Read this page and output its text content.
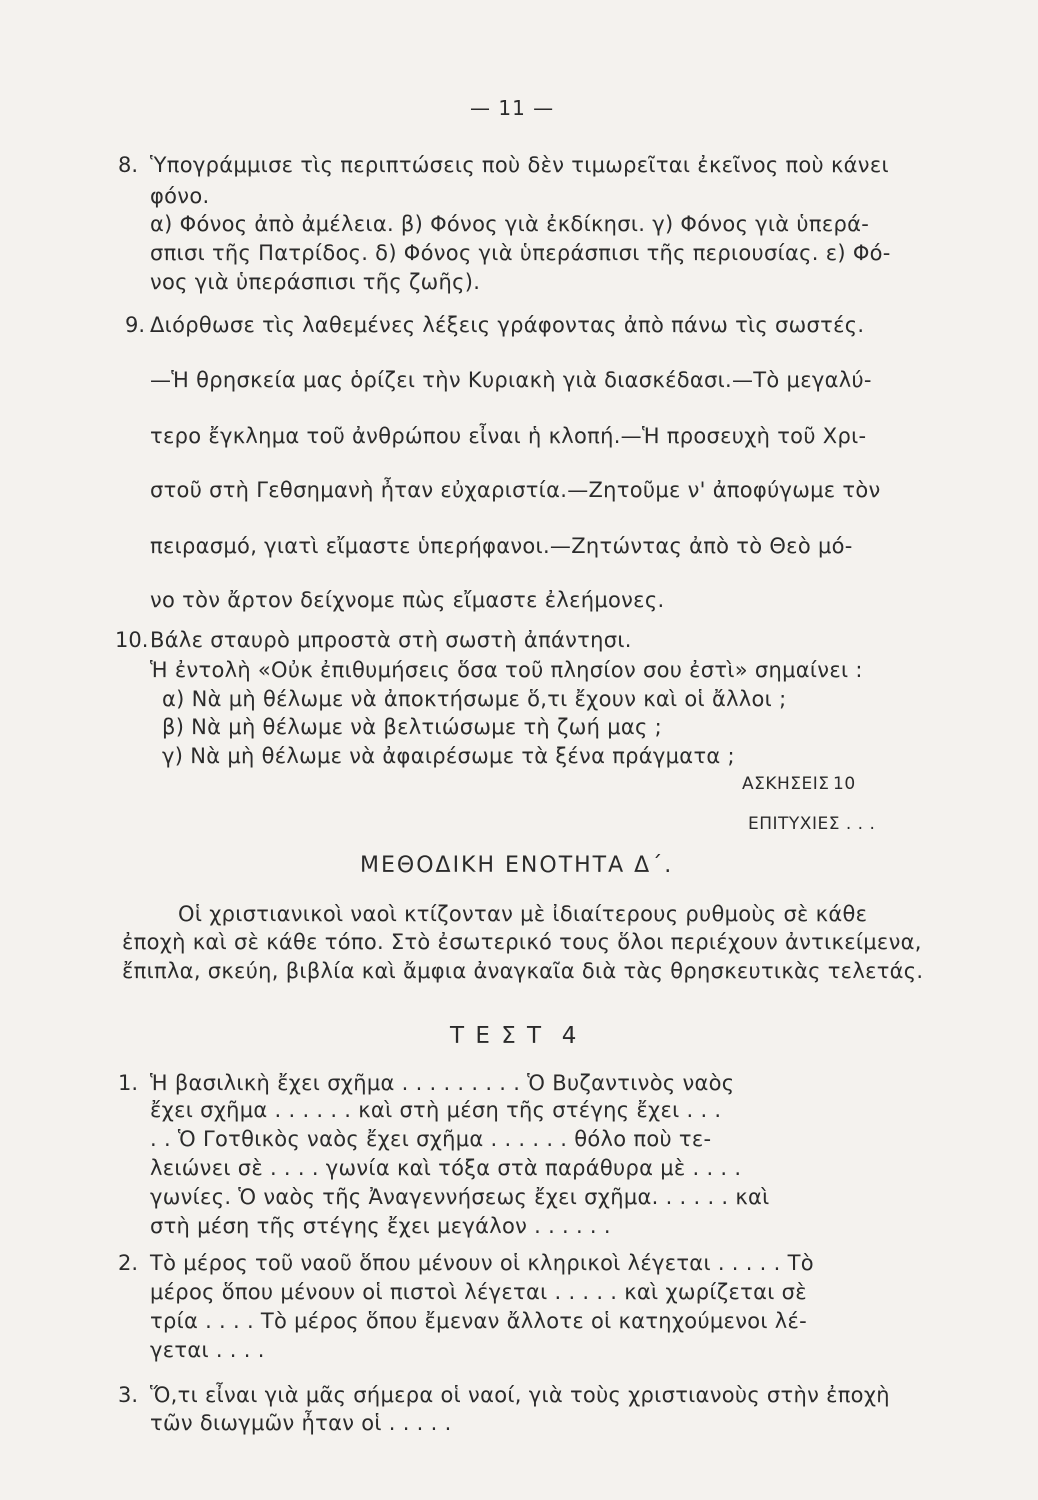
— 11 —
8. Ὑπογράμμισε τὶς περιπτώσεις ποὺ δὲν τιμωρεῖται ἐκεῖνος ποὺ κάνει
φόνο.
α) Φόνος ἀπὸ ἀμέλεια. β) Φόνος γιὰ ἐκδίκησι. γ) Φόνος γιὰ ὑπερά-
σπισι τῆς Πατρίδος. δ) Φόνος γιὰ ὑπεράσπισι τῆς περιουσίας. ε) Φό-
νος γιὰ ὑπεράσπισι τῆς ζωῆς).
9. Διόρθωσε τὶς λαθεμένες λέξεις γράφοντας ἀπὸ πάνω τὶς σωστές.
—Ἡ θρησκεία μας ὁρίζει τὴν Κυριακὴ γιὰ διασκέδασι.—Τὸ μεγαλύ-
τερο ἔγκλημα τοῦ ἀνθρώπου εἶναι ἡ κλοπή.—Ἡ προσευχὴ τοῦ Χρι-
στοῦ στὴ Γεθσημανὴ ἦταν εὐχαριστία.—Ζητοῦμε ν' ἀποφύγωμε τὸν
πειρασμό, γιατὶ εἴμαστε ὑπερήφανοι.—Ζητώντας ἀπὸ τὸ Θεὸ μό-
νο τὸν ἄρτον δείχνομε πὼς εἴμαστε ἐλεήμονες.
10. Βάλε σταυρὸ μπροστὰ στὴ σωστὴ ἀπάντησι.
Ἡ ἐντολὴ «Οὐκ ἐπιθυμήσεις ὅσα τοῦ πλησίον σου ἐστὶ» σημαίνει :
α) Νὰ μὴ θέλωμε νὰ ἀποκτήσωμε ὅ,τι ἔχουν καὶ οἱ ἄλλοι ;
β) Νὰ μὴ θέλωμε νὰ βελτιώσωμε τὴ ζωή μας ;
γ) Νὰ μὴ θέλωμε νὰ ἀφαιρέσωμε τὰ ξένα πράγματα ;
ΑΣΚΗΣΕΙΣ 10
ΕΠΙΤΥΧΙΕΣ . . .
ΜΕΘΟΔΙΚΗ ΕΝΟΤΗΤΑ Δ΄.
Οἱ χριστιανικοὶ ναοὶ κτίζονταν μὲ ἰδιαίτερους ρυθμοὺς σὲ κάθε
ἐποχὴ καὶ σὲ κάθε τόπο. Στὸ ἐσωτερικό τους ὅλοι περιέχουν ἀντικείμενα,
ἔπιπλα, σκεύη, βιβλία καὶ ἄμφια ἀναγκαῖα διὰ τὰς θρησκευτικὰς τελετάς.
Τ Ε Σ Τ  4
1. Ἡ βασιλικὴ ἔχει σχῆμα . . . . . . . . . Ὁ Βυζαντινὸς ναὸς
ἔχει σχῆμα . . . . . . καὶ στὴ μέση τῆς στέγης ἔχει . . .
. . Ὁ Γοτθικὸς ναὸς ἔχει σχῆμα . . . . . . θόλο ποὺ τε-
λειώνει σὲ . . . . γωνία καὶ τόξα στὰ παράθυρα μὲ . . . .
γωνίες. Ὁ ναὸς τῆς Ἀναγεννήσεως ἔχει σχῆμα. . . . . . καὶ
στὴ μέση τῆς στέγης ἔχει μεγάλον . . . . . .
2. Τὸ μέρος τοῦ ναοῦ ὅπου μένουν οἱ κληρικοὶ λέγεται . . . . . Τὸ
μέρος ὅπου μένουν οἱ πιστοὶ λέγεται . . . . . καὶ χωρίζεται σὲ
τρία . . . . Τὸ μέρος ὅπου ἔμεναν ἄλλοτε οἱ κατηχούμενοι λέ-
γεται . . . .
3. Ὅ,τι εἶναι γιὰ μᾶς σήμερα οἱ ναοί, γιὰ τοὺς χριστιανοὺς στὴν ἐποχὴ
τῶν διωγμῶν ἦταν οἱ . . . . .
